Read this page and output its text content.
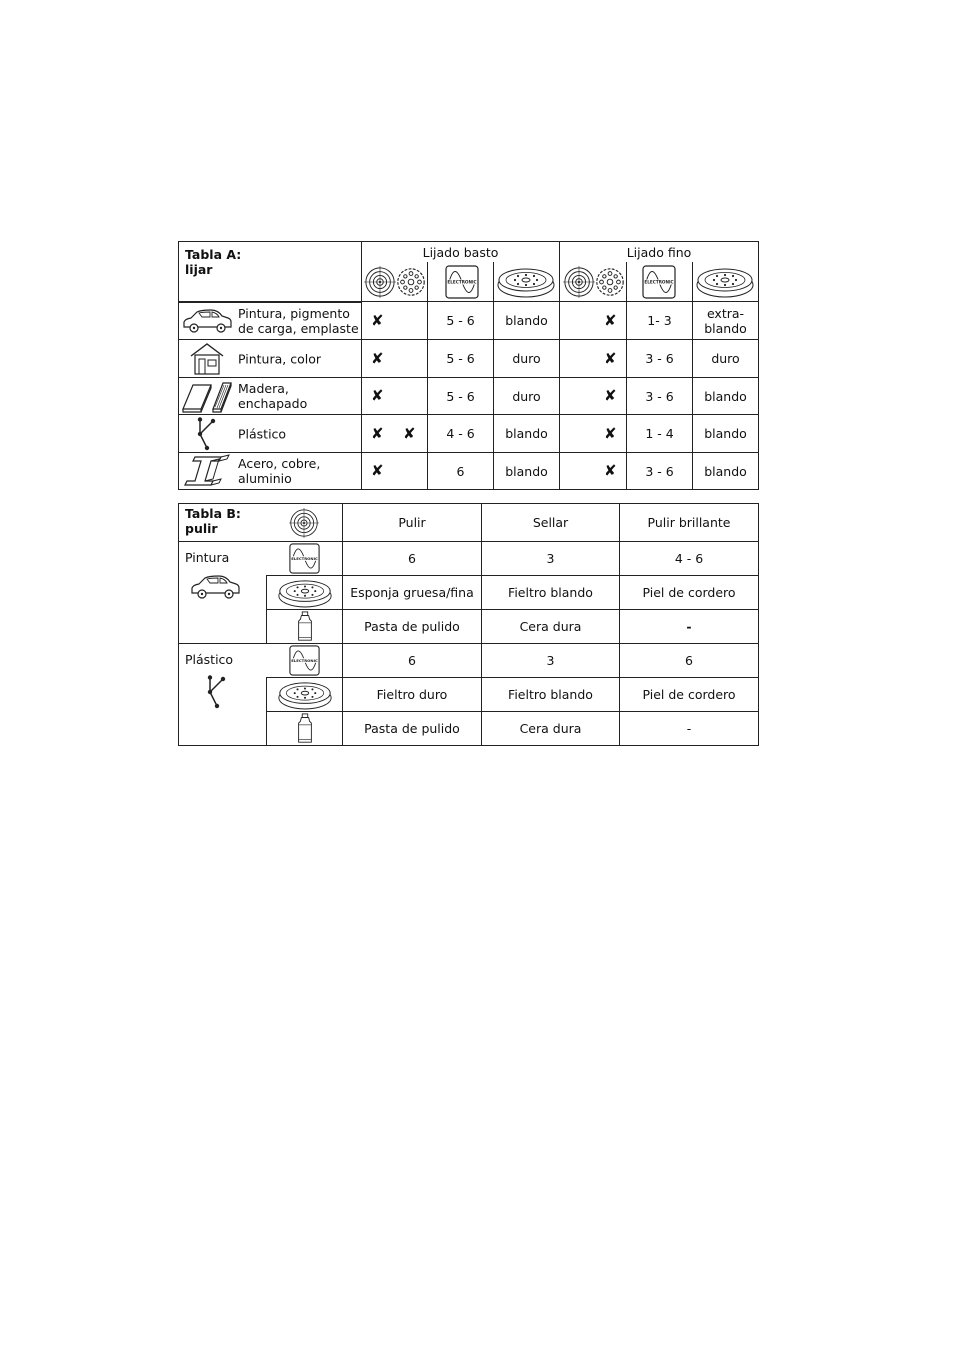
Tabla A:
lijar
	Lijado basto	Lijado fino

Pintura, pigmento de carga, emplaste	✘	5 - 6	blando	✘	1- 3	extra-
blando

Pintura, color	✘	5 - 6	duro	✘	3 - 6	duro

Madera, enchapado	✘	5 - 6	duro	✘	3 - 6	blando

Plástico	✘ ✘	4 - 6	blando	✘	1 - 4	blando

Acero, cobre, aluminio	✘	6	blando	✘	3 - 6	blando
Tabla B:
pulir		Pulir	Sellar	Pulir brillante
Pintura		6	3	4 - 6

	Esponja gruesa/fina	Fieltro blando	Piel de cordero

	Pasta de pulido	Cera dura	-
Plástico		6	3	6

	Fieltro duro	Fieltro blando	Piel de cordero

	Pasta de pulido	Cera dura	-
